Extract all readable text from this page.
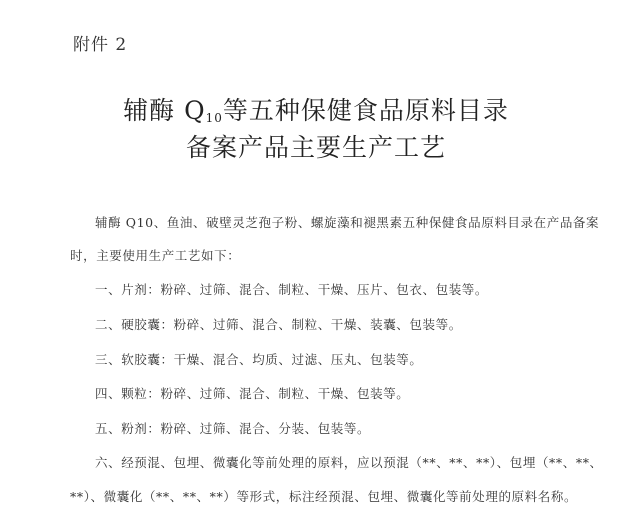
附件 2
辅酶 $Q_{10}$等五种保健食品原料目录
备案产品主要生产工艺
辅酶 Q10、鱼油、破壁灵芝孢子粉、螺旋藻和褪黑素五种保健食品原料目录在产品备案
时，主要使用生产工艺如下：
一、片剂：粉碎、过筛、混合、制粒、干燥、压片、包衣、包装等。
二、硬胶囊：粉碎、过筛、混合、制粒、干燥、装囊、包装等。
三、软胶囊：干燥、混合、均质、过滤、压丸、包装等。
四、颗粒：粉碎、过筛、混合、制粒、干燥、包装等。
五、粉剂：粉碎、过筛、混合、分装、包装等。
六、经预混、包埋、微囊化等前处理的原料，应以预混（**、**、**）、包埋（**、**、
**）、微囊化（**、**、**）等形式，标注经预混、包埋、微囊化等前处理的原料名称。
